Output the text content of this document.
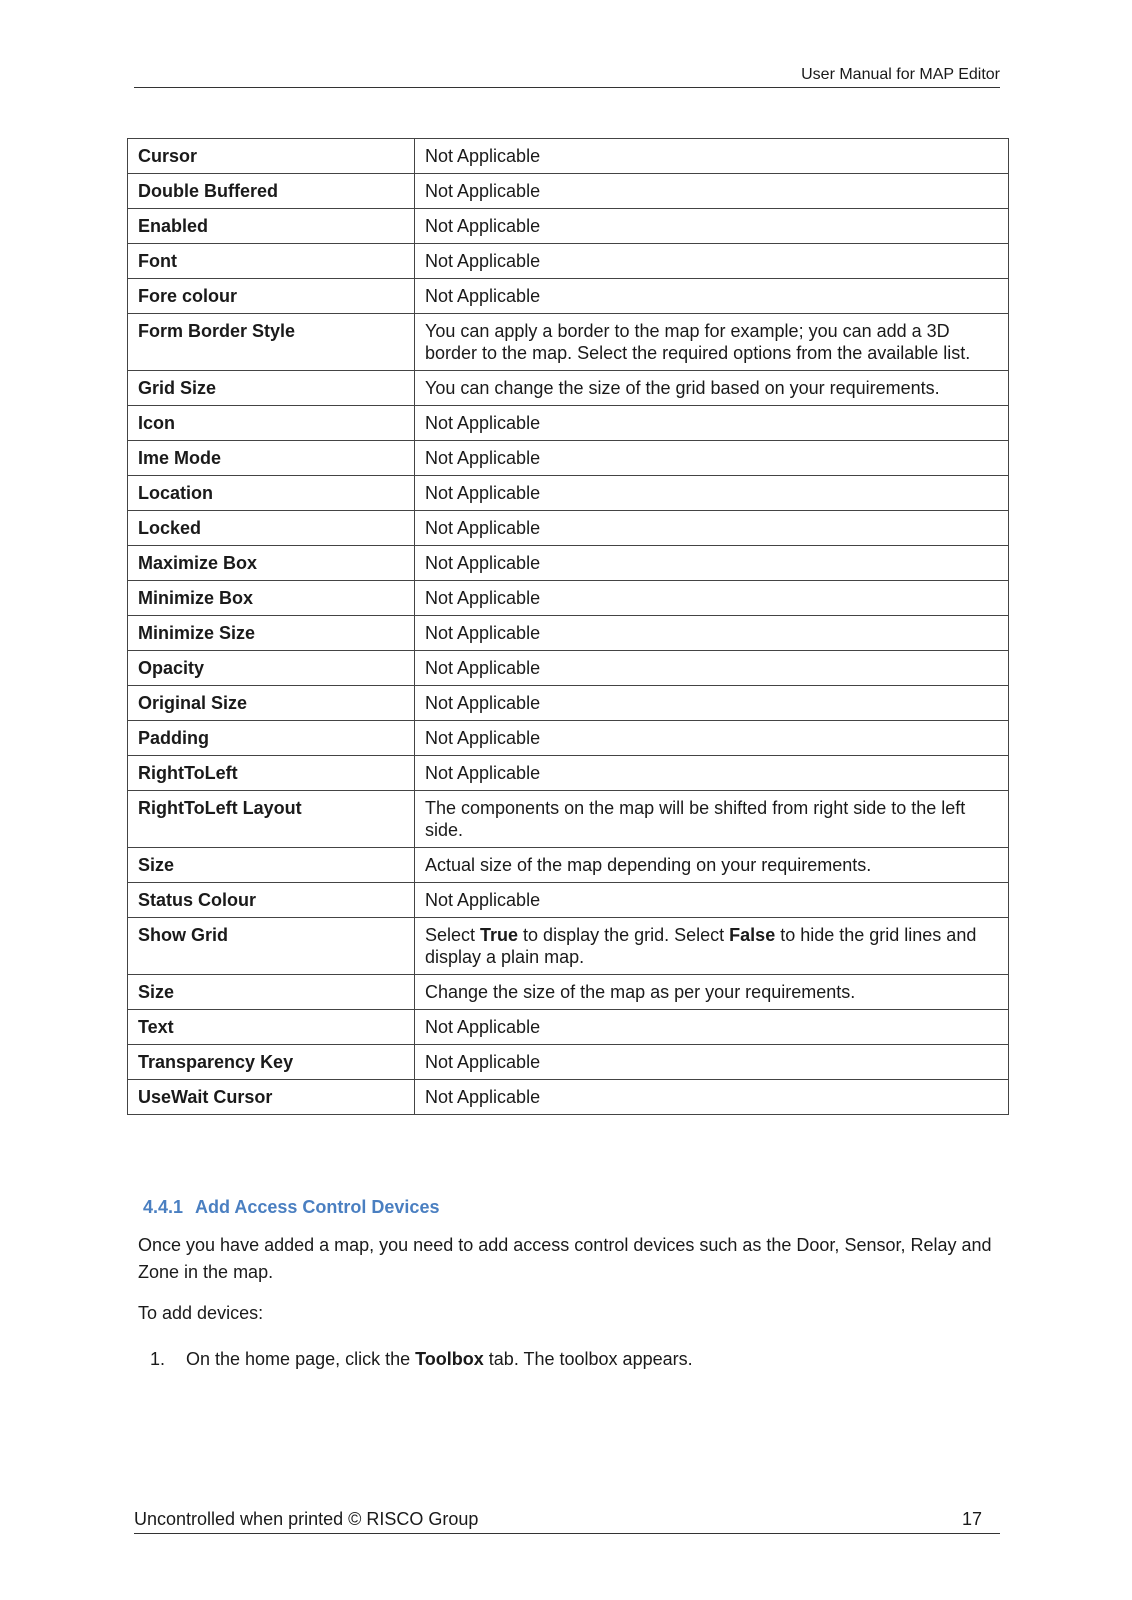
User Manual for MAP Editor
Cursor	Not Applicable
Double Buffered	Not Applicable
Enabled	Not Applicable
Font	Not Applicable
Fore colour	Not Applicable
Form Border Style	You can apply a border to the map for example; you can add a 3D border to the map. Select the required options from the available list.
Grid Size	You can change the size of the grid based on your requirements.
Icon	Not Applicable
Ime Mode	Not Applicable
Location	Not Applicable
Locked	Not Applicable
Maximize Box	Not Applicable
Minimize Box	Not Applicable
Minimize Size	Not Applicable
Opacity	Not Applicable
Original Size	Not Applicable
Padding	Not Applicable
RightToLeft	Not Applicable
RightToLeft Layout	The components on the map will be shifted from right side to the left side.
Size	Actual size of the map depending on your requirements.
Status Colour	Not Applicable
Show Grid	Select True to display the grid. Select False to hide the grid lines and display a plain map.
Size	Change the size of the map as per your requirements.
Text	Not Applicable
Transparency Key	Not Applicable
UseWait Cursor	Not Applicable
4.4.1 Add Access Control Devices
Once you have added a map, you need to add access control devices such as the Door, Sensor, Relay and Zone in the map.
To add devices:
1. On the home page, click the Toolbox tab. The toolbox appears.
Uncontrolled when printed © RISCO Group	17
